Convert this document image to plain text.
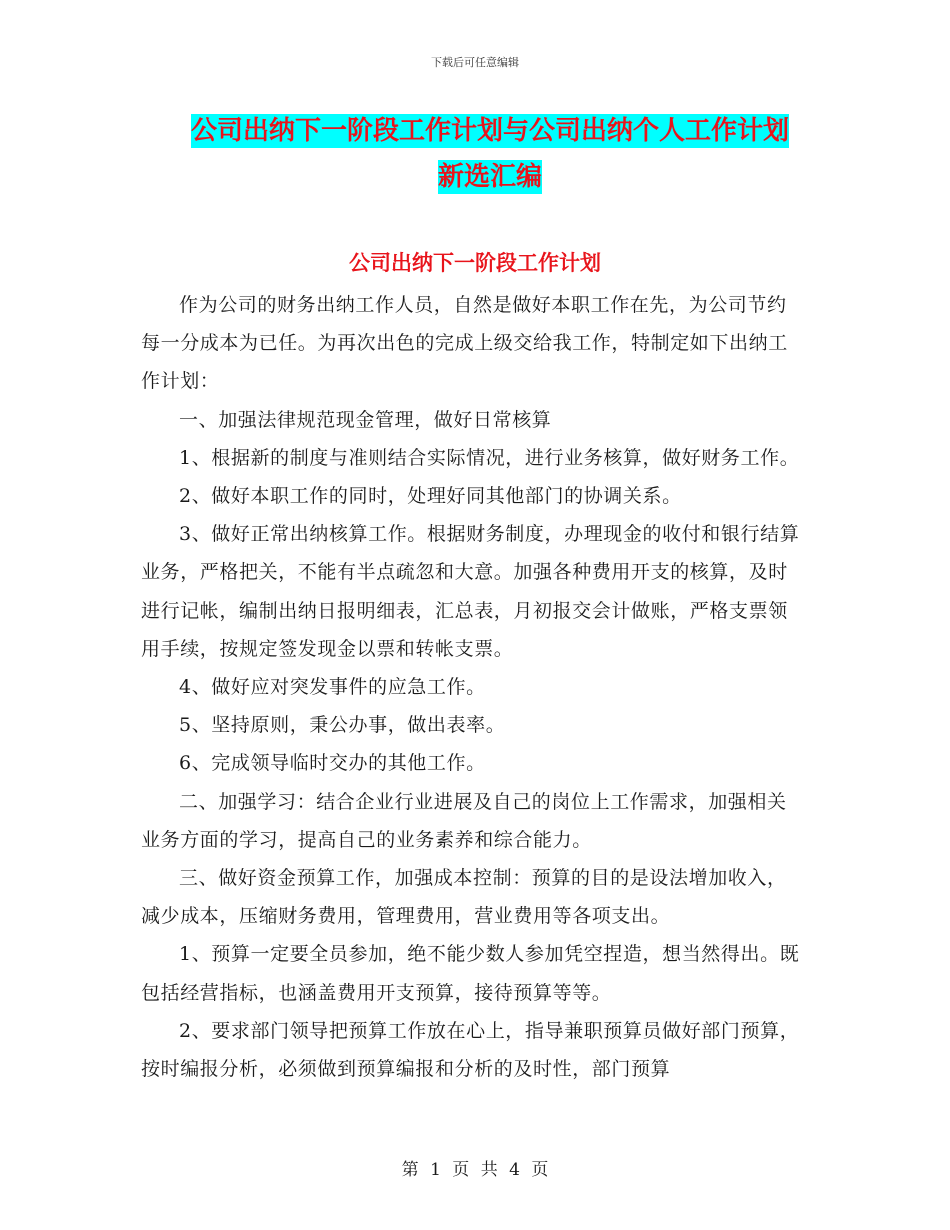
下载后可任意编辑
公司出纳下一阶段工作计划与公司出纳个人工作计划
新选汇编
公司出纳下一阶段工作计划

作为公司的财务出纳工作人员，自然是做好本职工作在先，为公司节约每一分成本为已任。为再次出色的完成上级交给我工作，特制定如下出纳工作计划：

一、加强法律规范现金管理，做好日常核算

1、根据新的制度与准则结合实际情况，进行业务核算，做好财务工作。

2、做好本职工作的同时，处理好同其他部门的协调关系。

3、做好正常出纳核算工作。根据财务制度，办理现金的收付和银行结算业务，严格把关，不能有半点疏忽和大意。加强各种费用开支的核算，及时进行记帐，编制出纳日报明细表，汇总表，月初报交会计做账，严格支票领用手续，按规定签发现金以票和转帐支票。

4、做好应对突发事件的应急工作。

5、坚持原则，秉公办事，做出表率。

6、完成领导临时交办的其他工作。

二、加强学习：结合企业行业进展及自己的岗位上工作需求，加强相关业务方面的学习，提高自己的业务素养和综合能力。

三、做好资金预算工作，加强成本控制：预算的目的是设法增加收入，减少成本，压缩财务费用，管理费用，营业费用等各项支出。

1、预算一定要全员参加，绝不能少数人参加凭空捏造，想当然得出。既包括经营指标，也涵盖费用开支预算，接待预算等等。

2、要求部门领导把预算工作放在心上，指导兼职预算员做好部门预算，按时编报分析，必须做到预算编报和分析的及时性，部门预算

第 1 页 共 4 页
